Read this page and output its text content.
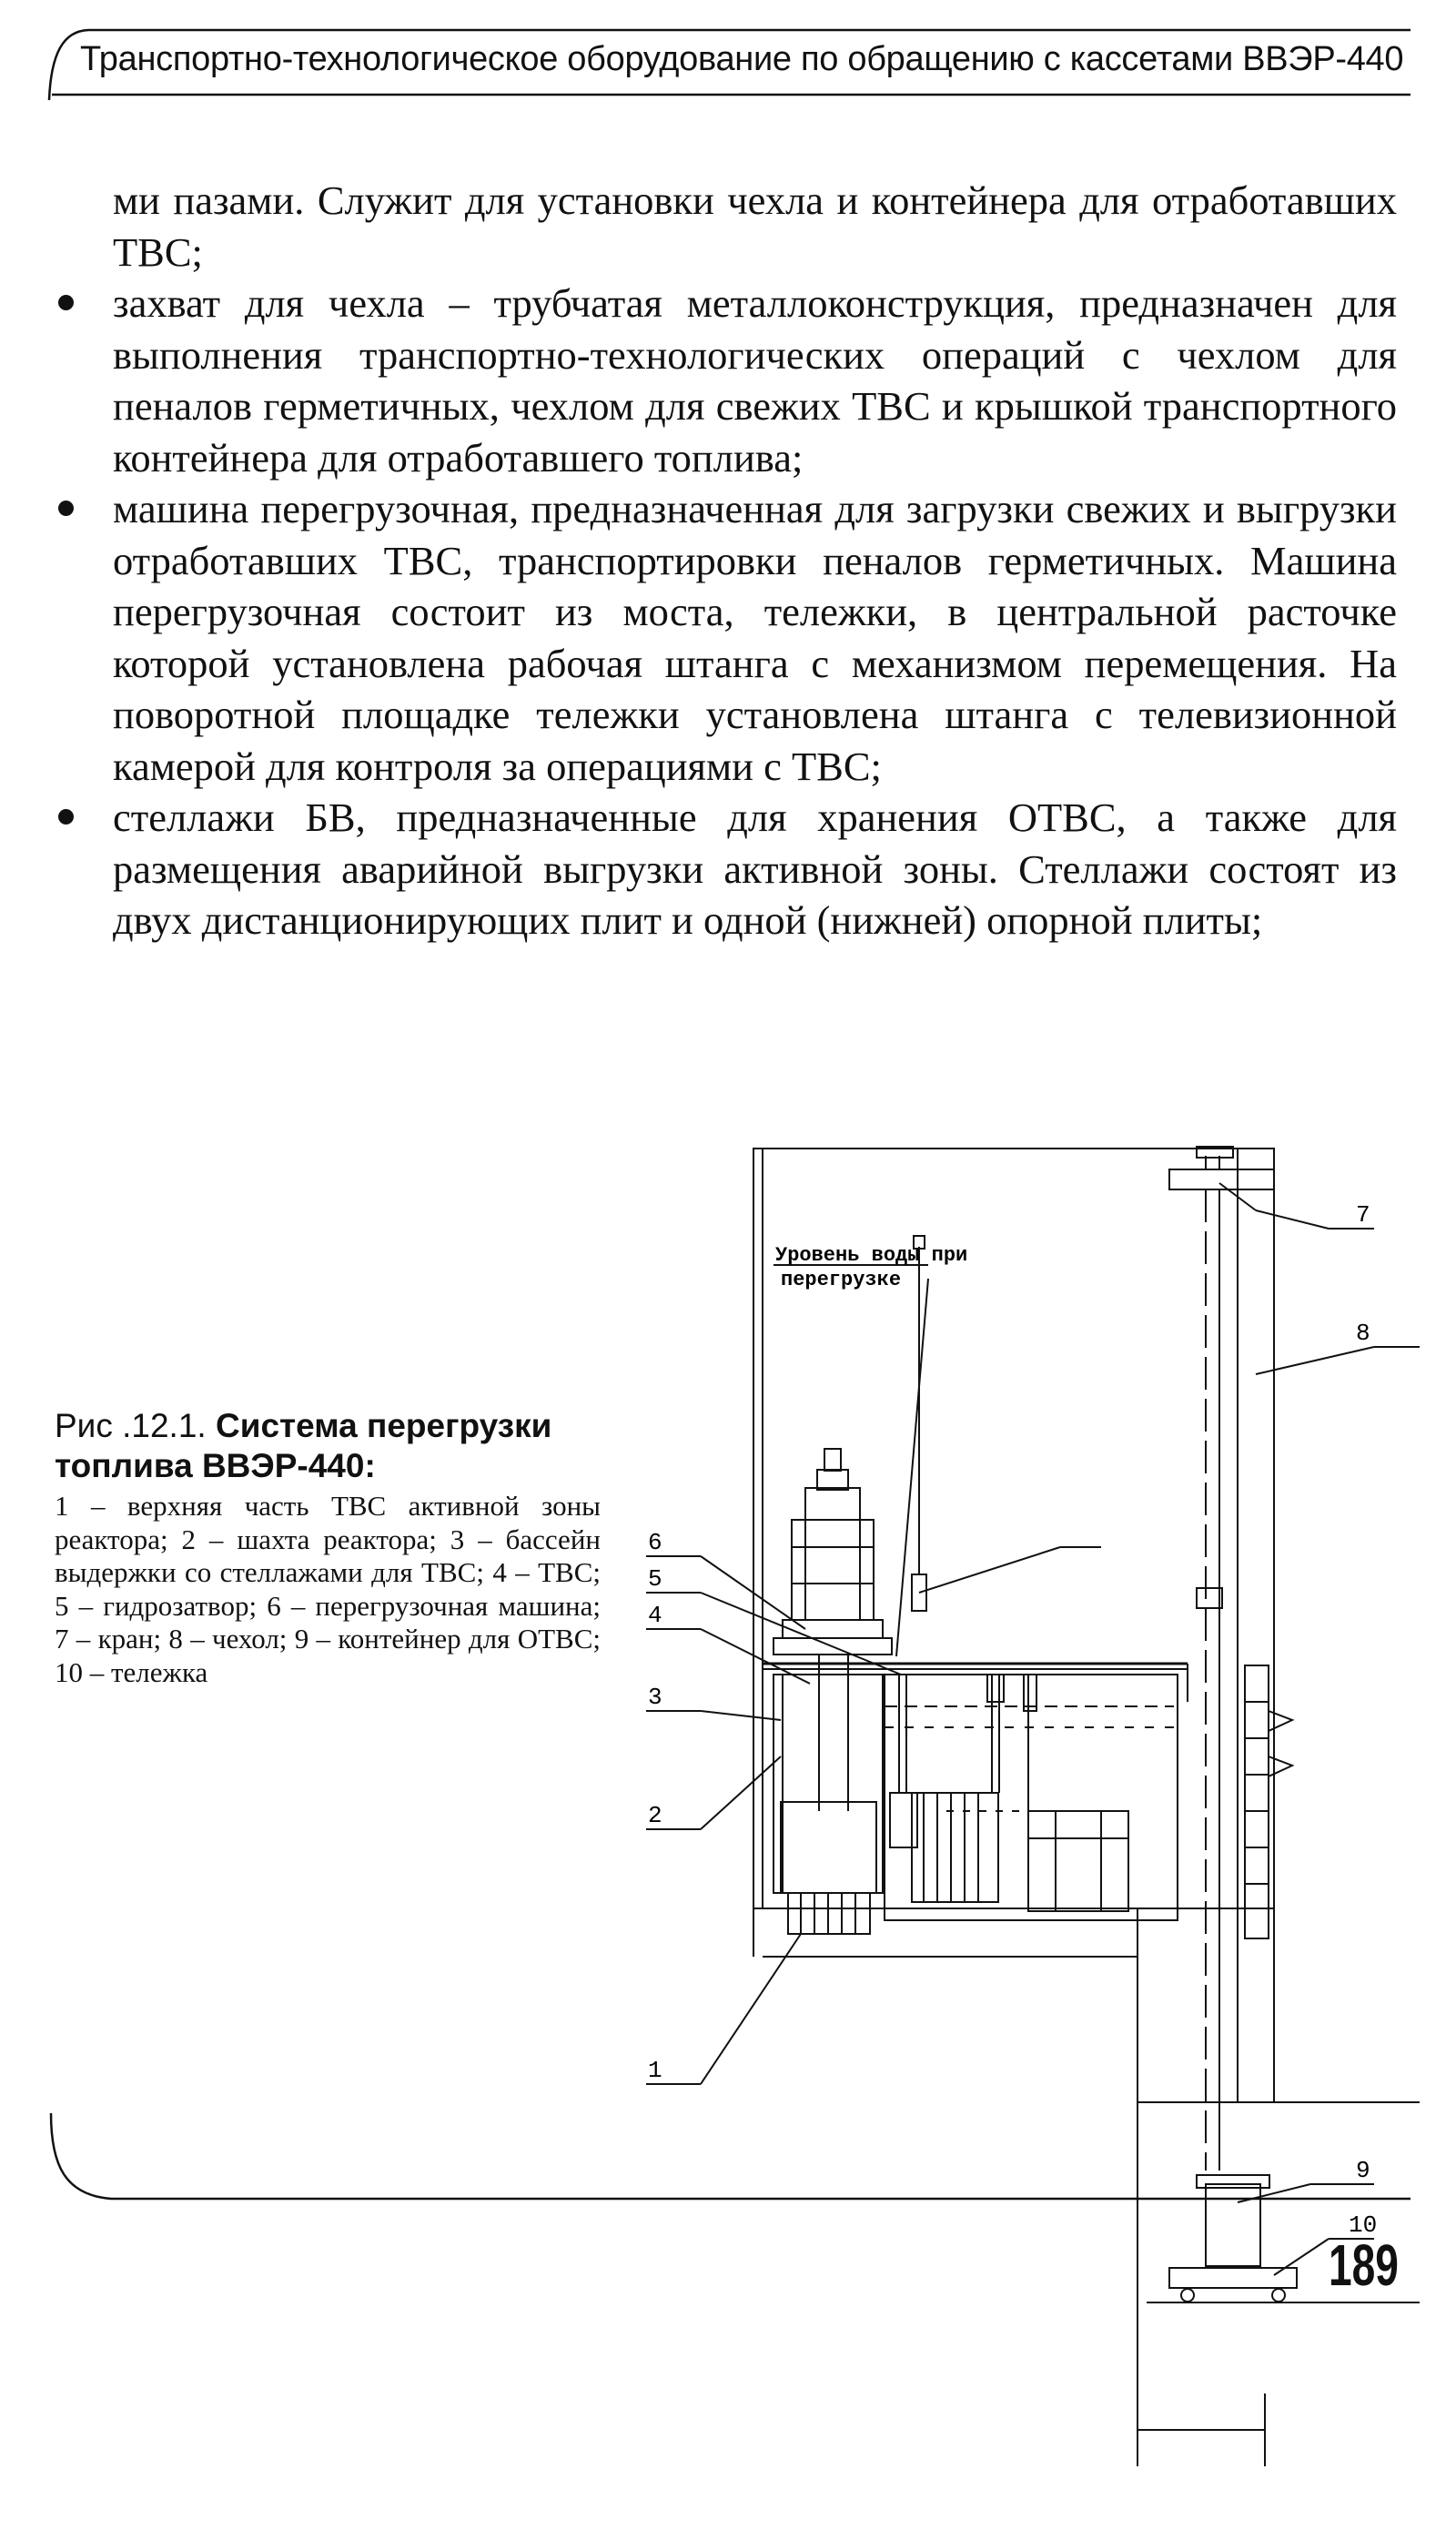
Транспортно-технологическое оборудование по обращению с кассетами ВВЭР-440

ми пазами. Служит для установки чехла и контейнера для отработавших ТВС;

захват для чехла – трубчатая металлоконструкция, предназначен для выполнения транспортно-технологических операций с чехлом для пеналов герметичных, чехлом для свежих ТВС и крышкой транспортного контейнера для отработавшего топлива;
машина перегрузочная, предназначенная для загрузки свежих и выгрузки отработавших ТВС, транспортировки пеналов герметичных. Машина перегрузочная состоит из моста, тележки, в центральной расточке которой установлена рабочая штанга с механизмом перемещения. На поворотной площадке тележки установлена штанга с телевизионной камерой для контроля за операциями с ТВС;
стеллажи БВ, предназначенные для хранения ОТВС, а также для размещения аварийной выгрузки активной зоны. Стеллажи состоят из двух дистанционирующих плит и одной (нижней) опорной плиты;

Рис .12.1. Система перегрузки топлива ВВЭР-440:

1 – верхняя часть ТВС активной зоны реактора; 2 – шахта реактора; 3 – бассейн выдержки со стеллажами для ТВС; 4 – ТВС; 5 – гидрозатвор; 6 – перегрузочная машина; 7 – кран; 8 – чехол; 9 – контейнер для ОТВС; 10 – тележка

Уровень воды при
перегрузке
1
2
3
4
5
6
7
8
9
10
189
